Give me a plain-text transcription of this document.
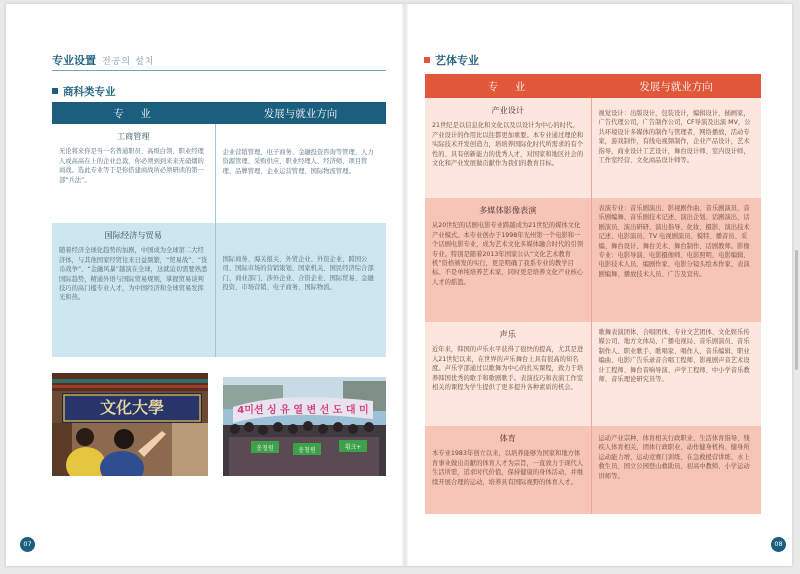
专业设置 전공의 설치
商科类专业
专　业	发展与就业方向

工商管理
无论将来你是当一名普通职员、高级白领、职业经理人或高高在上的企业总裁，你必须到到来来无硝烟的商战。选此专业等于是你搭建商战所必须研读的第一部“兵法”。	企业营销管理、电子商务、金融投资咨询等管理、人力资源管理、采购供应、职业经理人、经济师、项目管理、品牌管理、企业运营管理、国际物流管理。

国际经济与贸易
随着经济全球化趋势的加剧，中国成为全球第二大经济体，与其他国家经贸往来日益频繁，“贸易战”、“货币战争”、“金融风暴”越演在全球，这就迫切需要熟悉国际趋势，精通外语与国际贸易规则，掌握贸易谈判技巧的高门槛专业人才，为中国经济和全球贸易发挥光和热。	国际商务、海关报关、外贸企业、外资企业、跨国公司、国际市场的营销策划、国家机关、国民经济综合部门、商业部门、涉外企业、合资企业、国际贸易、金融投资、市场营销、电子商务、国际物流。
文化大學	4미션 싱 유 열 변 선 도 대 미
옹칭원	옹칭원	횡크+
07
艺体专业
专　业	发展与就业方向

产业设计
21世纪是以信息化和文化以及以设计为中心的时代。产业设计的作用比以往都更加重要。本专业通过理论和实际技术开发创造力，培培养国际化时代所需求的有个性的、具有创新能力的优秀人才，对国家和地区社会的文化和产业发展做贡献作为我们的教育目标。	视觉设计：出版设计，包装设计，编辑设计，插画家，广告代理公司，广告制作公司，CF导演及出演 MV，公共环境设计多媒体的制作与管理者，网络播放，活动专家，游戏制作，有线电视频制作，企业产品设计，艺术指导，商业设计工艺设计，舞台设计师、室内设计师，工作室经营、文化商品设计师等。

多媒体影像表演
从20世纪的话剧电影专业跨越成为21世纪的媒体文化产业模式。本专业创办于1998年光州第一个电影和一个话剧电影专业，成为艺术文化多媒体融合时代的引领专业。特别是随着2013年国家公认“文化艺术教育机”资格颁发的实行，更是明确了我系专业的教学目标。不是单纯培养艺术家，同时更是培养文化产业核心人才的摇篮。	表演专业：音乐剧演出、影视剧作曲、音乐剧演员、音乐剧编舞、音乐剧技术记述、演出企划、话剧演出、话剧演员、演出研研、演出指导、化妆、摄影、演出技术记述、电影演员、TV 电视剧演员、模特、播音员、采编、舞台设计、舞台美术、舞台制作、话剧教师。影像专业：电影导演、电影摄像师、电影照明、电影编辑、电影技术人员、编剧作家、电影分镜头绘本作家、表演剧编舞、播放技术人员、广告及宣传。

声乐
近年来，韩国的声乐水平获得了很快的提高，尤其是进入21世纪以来，在世界的声乐舞台上具有很高的知名度。声乐学部通过以歌舞为中心的扎实课程，致力于培养韩国优秀的歌手和歌剧歌手。表演技巧和表演工作室相关的课程为学生提供了更多提升各种素质的机会。	歌舞表演团体、合唱团体、专业文艺团体、文化娱乐传媒公司、地方文体局、广播电视局、音乐剧演员、音乐制作人、职业歌手、歌唱家、唱作人、音乐编辑、职业编曲、电影广告乐录音合唱工程师、影视剧声音艺术设计工程师、舞台音响导演、声学工程师、中小学音乐教师、音乐理论研究员等。

体育
本专业1983年创立以来，以培养能够为国家和地方体育事业做出贡献的体育人才为宗旨，一直致力于现代人生活所需，追求时代价值，保持健康的身体活动，并继续开展合理的运动，培养具有国际视野的体育人才。	运动产业宗种、体育相关行政职业、生活体育指导、残疾人体育相关、团体行政职业、动作健身机构、健身所运动能力增、运动竞赛门训练、在急救援营讲练、水上救生员、国立公园登山救助员、初高中教师、小学运动讲师等。
08
